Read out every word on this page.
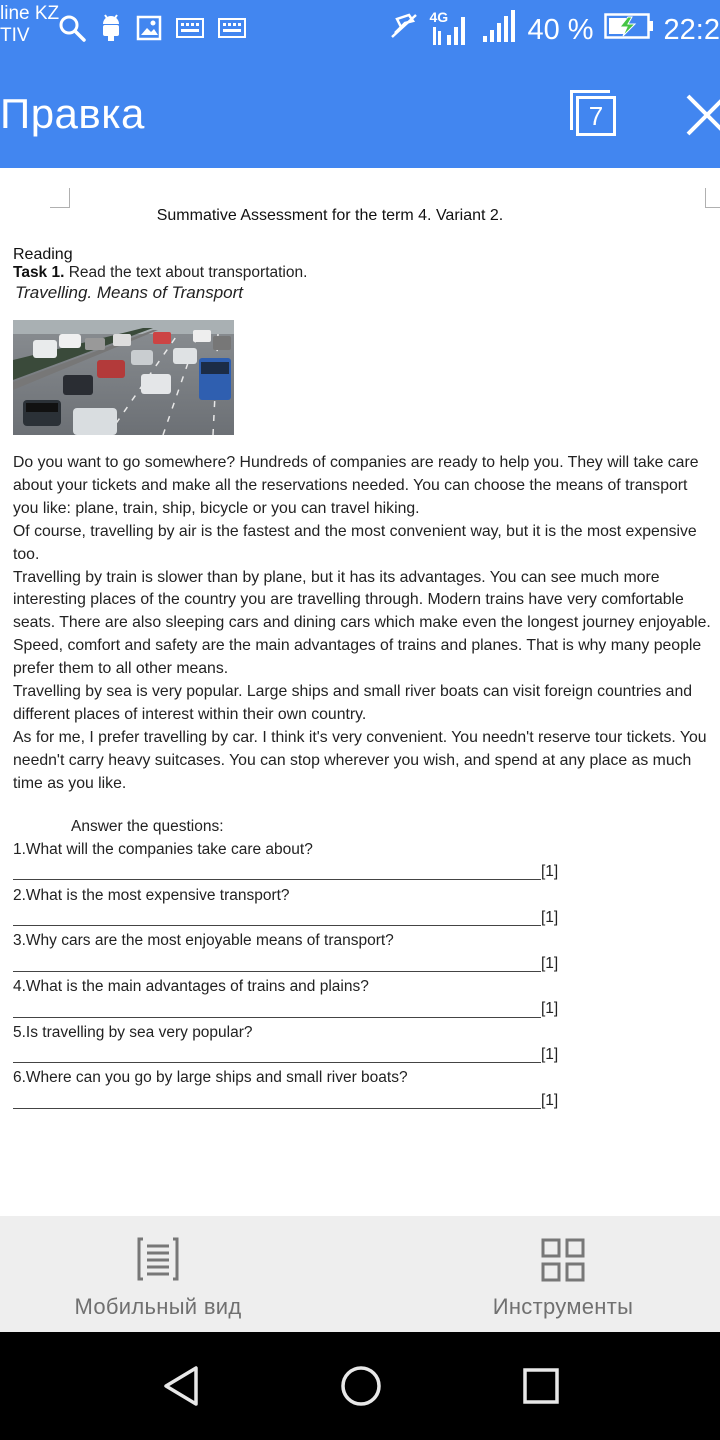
line KZ
TIV
4G	40 % 22:2
Правка	7
Summative Assessment for the term 4. Variant 2.
Reading
Task 1. Read the text about transportation.
Travelling. Means of Transport

Do you want to go somewhere? Hundreds of companies are ready to help you. They will take care about your tickets and make all the reservations needed. You can choose the means of transport you like: plane, train, ship, bicycle or you can travel hiking.

Of course, travelling by air is the fastest and the most convenient way, but it is the most expensive too.

Travelling by train is slower than by plane, but it has its advantages. You can see much more interesting places of the country you are travelling through. Modern trains have very comfortable seats. There are also sleeping cars and dining cars which make even the longest journey enjoyable. Speed, comfort and safety are the main advantages of trains and planes. That is why many people prefer them to all other means.

Travelling by sea is very popular. Large ships and small river boats can visit foreign countries and different places of interest within their own country.

As for me, I prefer travelling by car. I think it's very convenient. You needn't reserve tour tickets. You needn't carry heavy suitcases. You can stop wherever you wish, and spend at any place as much time as you like.

Answer the questions:
1.What will the companies take care about?
[1]
2.What is the most expensive transport?
[1]
3.Why cars are the most enjoyable means of transport?
[1]
4.What is the main advantages of trains and plains?
[1]
5.Is travelling by sea very popular?
[1]
6.Where can you go by large ships and small river boats?
[1]
Мобильный вид	Инструменты
